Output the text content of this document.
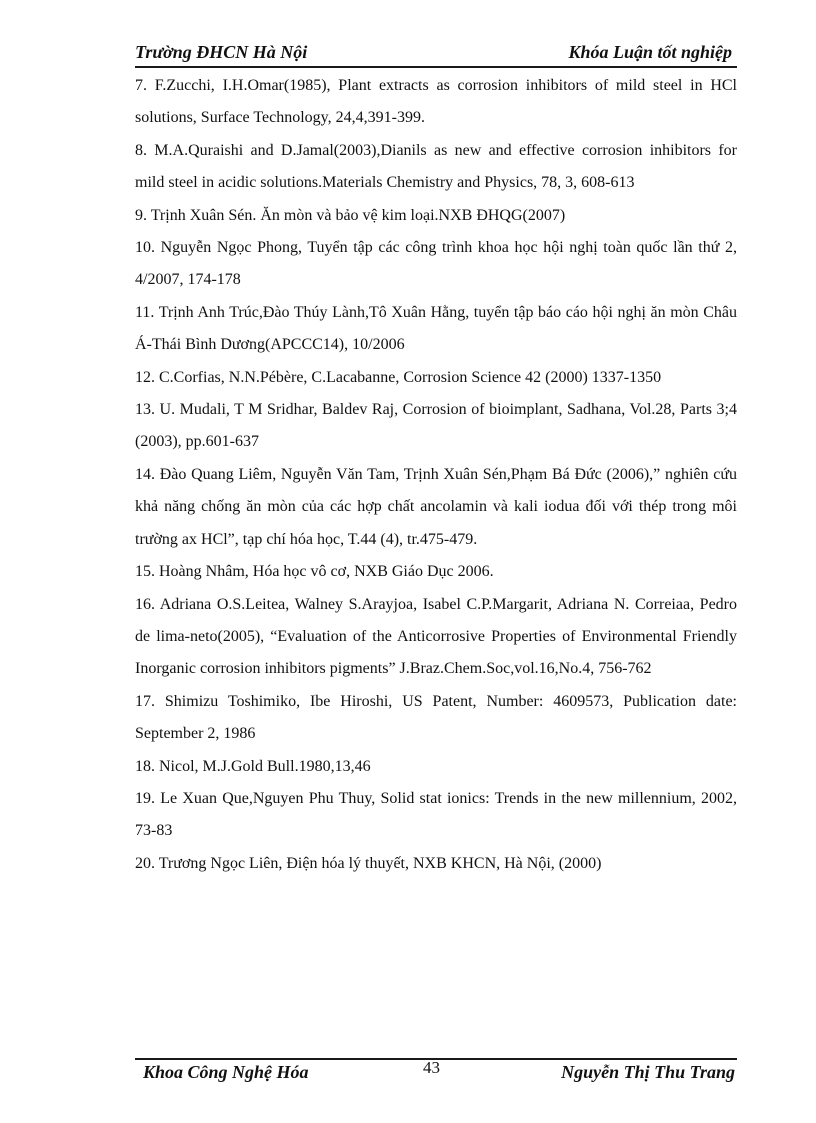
Trường ĐHCN Hà Nội	Khóa Luận tốt nghiệp

7. F.Zucchi, I.H.Omar(1985), Plant extracts as corrosion inhibitors of mild steel in HCl solutions, Surface Technology, 24,4,391-399.

8. M.A.Quraishi and D.Jamal(2003),Dianils as new and effective corrosion inhibitors for mild steel in acidic solutions.Materials Chemistry and Physics, 78, 3, 608-613

9. Trịnh Xuân Sén. Ăn mòn và bảo vệ kim loại.NXB ĐHQG(2007)

10. Nguyễn Ngọc Phong, Tuyển tập các công trình khoa học hội nghị toàn quốc lần thứ 2, 4/2007, 174-178

11. Trịnh Anh Trúc,Đào Thúy Lành,Tô Xuân Hằng, tuyển tập báo cáo hội nghị ăn mòn Châu Á-Thái Bình Dương(APCCC14), 10/2006

12. C.Corfias, N.N.Pébère, C.Lacabanne, Corrosion Science 42 (2000) 1337-1350

13. U. Mudali, T M Sridhar, Baldev Raj, Corrosion of bioimplant, Sadhana, Vol.28, Parts 3;4 (2003), pp.601-637

14. Đào Quang Liêm, Nguyễn Văn Tam, Trịnh Xuân Sén,Phạm Bá Đức (2006),” nghiên cứu khả năng chống ăn mòn của các hợp chất ancolamin và kali iodua đối với thép trong môi trường ax HCl”, tạp chí hóa học, T.44 (4), tr.475-479.

15. Hoàng Nhâm, Hóa học vô cơ, NXB Giáo Dục 2006.

16. Adriana O.S.Leitea, Walney S.Arayjoa, Isabel C.P.Margarit, Adriana N. Correiaa, Pedro de lima-neto(2005), “Evaluation of the Anticorrosive Properties of Environmental Friendly Inorganic corrosion inhibitors pigments” J.Braz.Chem.Soc,vol.16,No.4, 756-762

17. Shimizu Toshimiko, Ibe Hiroshi, US Patent, Number: 4609573, Publication date: September 2, 1986

18. Nicol, M.J.Gold Bull.1980,13,46

19. Le Xuan Que,Nguyen Phu Thuy, Solid stat ionics: Trends in the new millennium, 2002, 73-83

20. Trương Ngọc Liên, Điện hóa lý thuyết, NXB KHCN, Hà Nội, (2000)

Khoa Công Nghệ Hóa	43	Nguyễn Thị Thu Trang
